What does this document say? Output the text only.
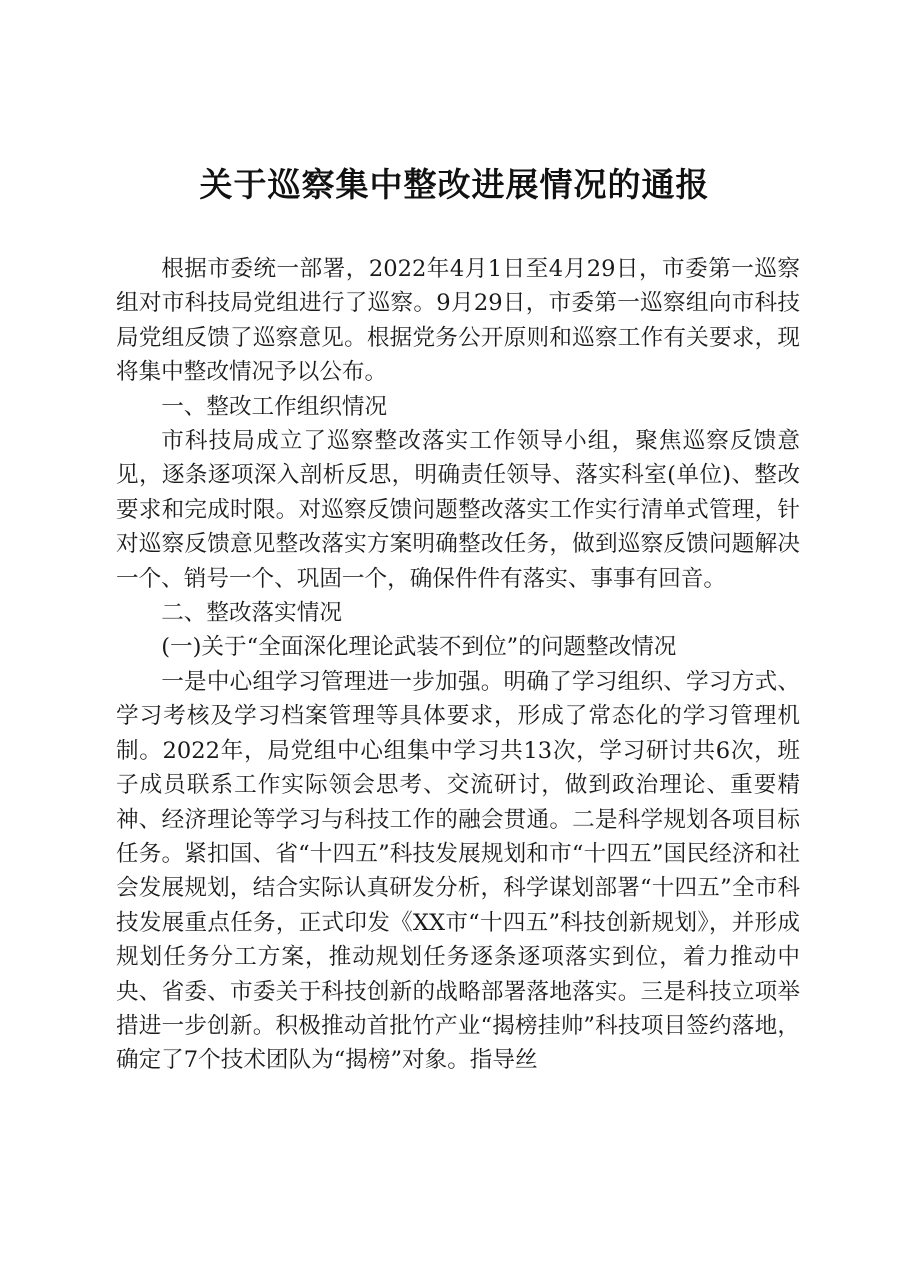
关于巡察集中整改进展情况的通报

根据市委统一部署，2022年4月1日至4月29日，市委第一巡察组对市科技局党组进行了巡察。9月29日，市委第一巡察组向市科技局党组反馈了巡察意见。根据党务公开原则和巡察工作有关要求，现将集中整改情况予以公布。

一、整改工作组织情况

市科技局成立了巡察整改落实工作领导小组，聚焦巡察反馈意见，逐条逐项深入剖析反思，明确责任领导、落实科室(单位)、整改要求和完成时限。对巡察反馈问题整改落实工作实行清单式管理，针对巡察反馈意见整改落实方案明确整改任务，做到巡察反馈问题解决一个、销号一个、巩固一个，确保件件有落实、事事有回音。

二、整改落实情况

(一)关于“全面深化理论武装不到位”的问题整改情况

一是中心组学习管理进一步加强。明确了学习组织、学习方式、学习考核及学习档案管理等具体要求，形成了常态化的学习管理机制。2022年，局党组中心组集中学习共13次，学习研讨共6次，班子成员联系工作实际领会思考、交流研讨，做到政治理论、重要精神、经济理论等学习与科技工作的融会贯通。二是科学规划各项目标任务。紧扣国、省“十四五”科技发展规划和市“十四五”国民经济和社会发展规划，结合实际认真研发分析，科学谋划部署“十四五”全市科技发展重点任务，正式印发《XX市“十四五”科技创新规划》，并形成规划任务分工方案，推动规划任务逐条逐项落实到位，着力推动中央、省委、市委关于科技创新的战略部署落地落实。三是科技立项举措进一步创新。积极推动首批竹产业“揭榜挂帅”科技项目签约落地，确定了7个技术团队为“揭榜”对象。指导丝
